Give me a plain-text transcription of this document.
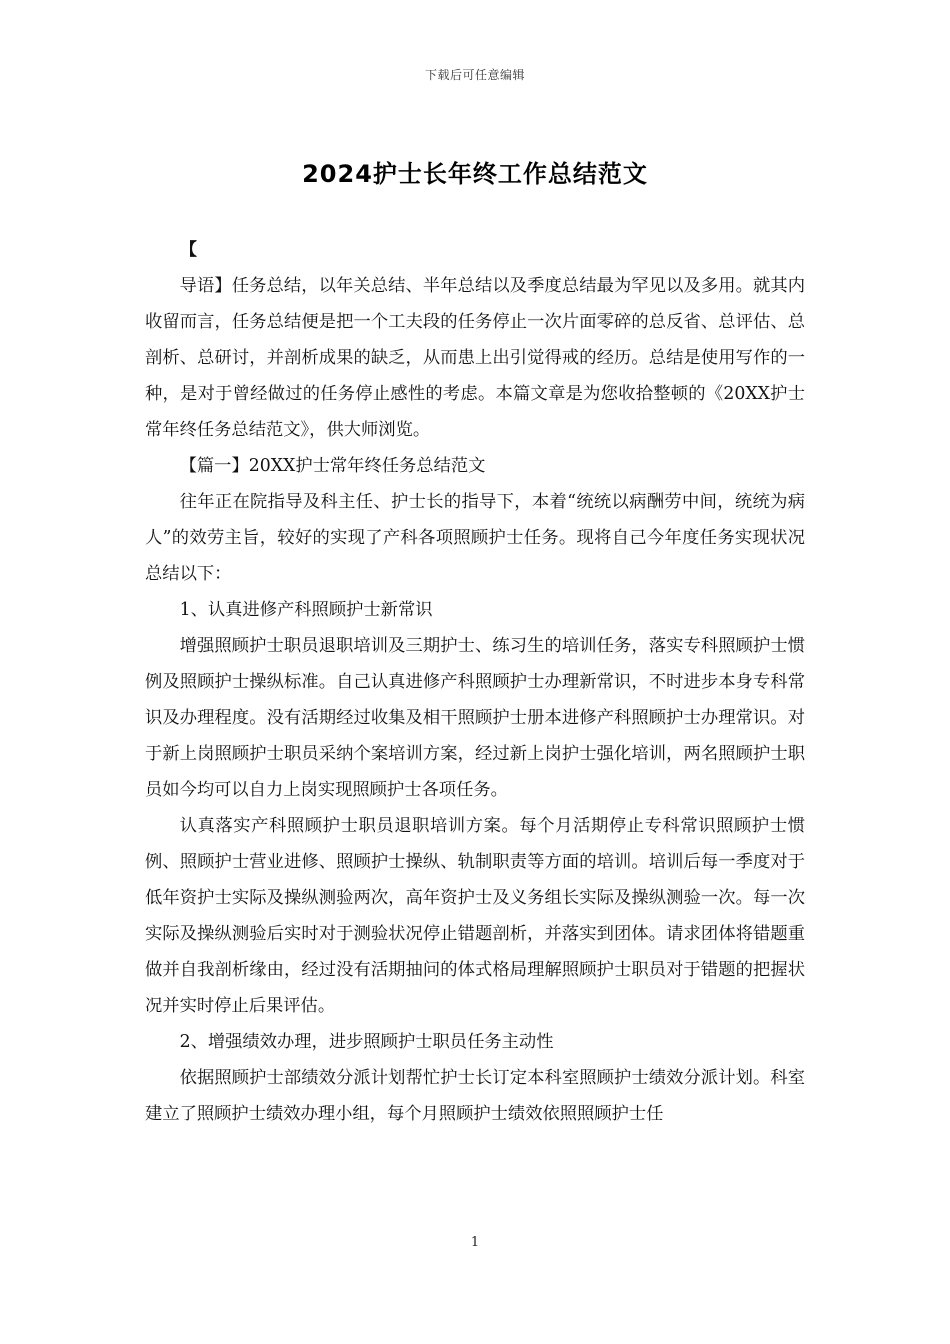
下载后可任意编辑
2024护士长年终工作总结范文

【

导语】任务总结，以年关总结、半年总结以及季度总结最为罕见以及多用。就其内收留而言，任务总结便是把一个工夫段的任务停止一次片面零碎的总反省、总评估、总剖析、总研讨，并剖析成果的缺乏，从而患上出引觉得戒的经历。总结是使用写作的一种，是对于曾经做过的任务停止感性的考虑。本篇文章是为您收拾整顿的《20XX护士常年终任务总结范文》，供大师浏览。

【篇一】20XX护士常年终任务总结范文

往年正在院指导及科主任、护士长的指导下，本着“统统以病酬劳中间，统统为病人”的效劳主旨，较好的实现了产科各项照顾护士任务。现将自己今年度任务实现状况总结以下：

1、认真进修产科照顾护士新常识

增强照顾护士职员退职培训及三期护士、练习生的培训任务，落实专科照顾护士惯例及照顾护士操纵标准。自己认真进修产科照顾护士办理新常识，不时进步本身专科常识及办理程度。没有活期经过收集及相干照顾护士册本进修产科照顾护士办理常识。对于新上岗照顾护士职员采纳个案培训方案，经过新上岗护士强化培训，两名照顾护士职员如今均可以自力上岗实现照顾护士各项任务。

认真落实产科照顾护士职员退职培训方案。每个月活期停止专科常识照顾护士惯例、照顾护士营业进修、照顾护士操纵、轨制职责等方面的培训。培训后每一季度对于低年资护士实际及操纵测验两次，高年资护士及义务组长实际及操纵测验一次。每一次实际及操纵测验后实时对于测验状况停止错题剖析，并落实到团体。请求团体将错题重做并自我剖析缘由，经过没有活期抽问的体式格局理解照顾护士职员对于错题的把握状况并实时停止后果评估。

2、增强绩效办理，进步照顾护士职员任务主动性

依据照顾护士部绩效分派计划帮忙护士长订定本科室照顾护士绩效分派计划。科室建立了照顾护士绩效办理小组，每个月照顾护士绩效依照照顾护士任

1
